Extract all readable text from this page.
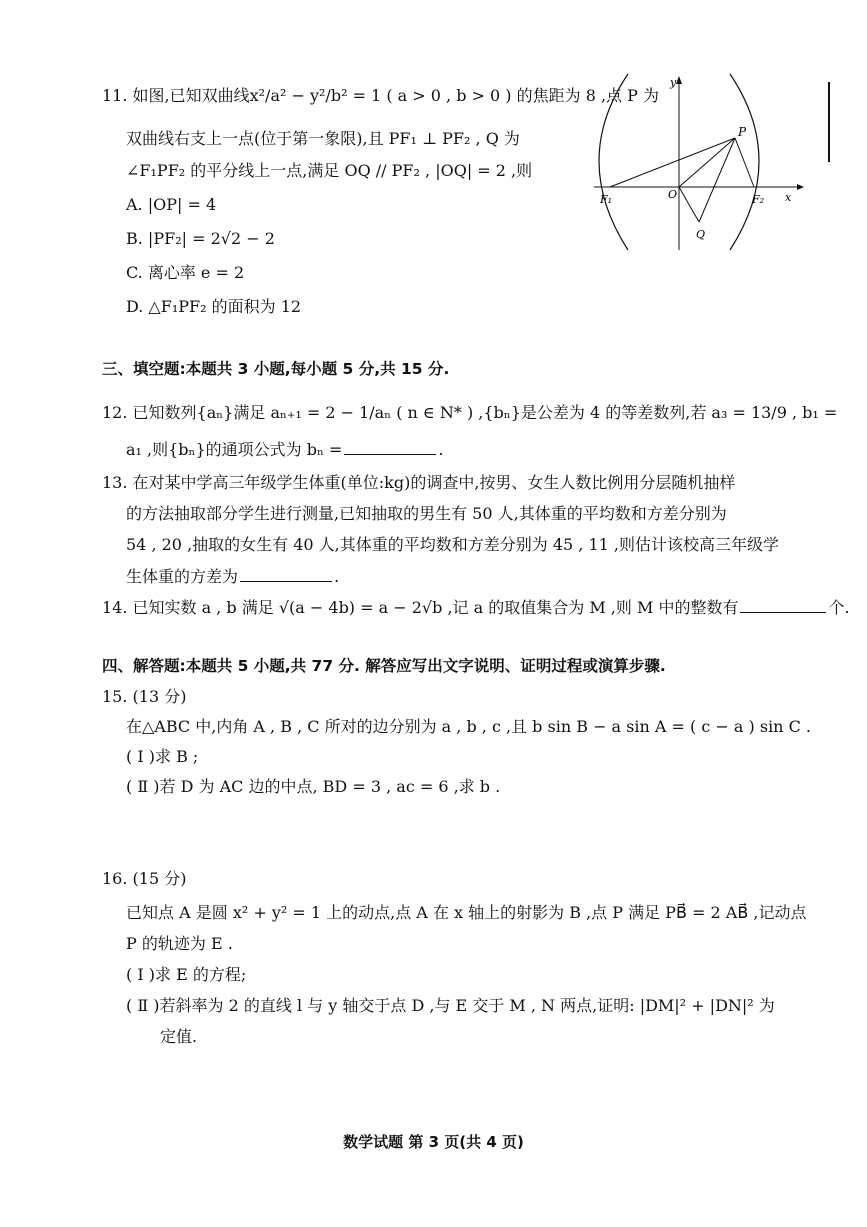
11. 如图,已知双曲线x²/a² − y²/b² = 1 ( a > 0 , b > 0 ) 的焦距为 8 ,点 P 为
双曲线右支上一点(位于第一象限),且 PF₁ ⊥ PF₂ , Q 为
∠F₁PF₂ 的平分线上一点,满足 OQ // PF₂ , |OQ| = 2 ,则
A. |OP| = 4
B. |PF₂| = 2√2 − 2
C. 离心率 e = 2
D. △F₁PF₂ 的面积为 12
y
x
P
O
F₁	F₂
Q
三、填空题:本题共 3 小题,每小题 5 分,共 15 分.
12. 已知数列{aₙ}满足 aₙ₊₁ = 2 − 1/aₙ ( n ∈ N* ) ,{bₙ}是公差为 4 的等差数列,若 a₃ = 13/9 , b₁ =
a₁ ,则{bₙ}的通项公式为 bₙ =	.
13. 在对某中学高三年级学生体重(单位:kg)的调查中,按男、女生人数比例用分层随机抽样
的方法抽取部分学生进行测量,已知抽取的男生有 50 人,其体重的平均数和方差分别为
54 , 20 ,抽取的女生有 40 人,其体重的平均数和方差分别为 45 , 11 ,则估计该校高三年级学
生体重的方差为	.
14. 已知实数 a , b 满足 √(a − 4b) = a − 2√b ,记 a 的取值集合为 M ,则 M 中的整数有	个.
四、解答题:本题共 5 小题,共 77 分. 解答应写出文字说明、证明过程或演算步骤.
15. (13 分)
在△ABC 中,内角 A , B , C 所对的边分别为 a , b , c ,且 b sin B − a sin A = ( c − a ) sin C .
( Ⅰ )求 B ;
( Ⅱ )若 D 为 AC 边的中点, BD = 3 , ac = 6 ,求 b .
16. (15 分)
已知点 A 是圆 x² + y² = 1 上的动点,点 A 在 x 轴上的射影为 B ,点 P 满足 PB⃗ = 2 AB⃗ ,记动点
P 的轨迹为 E .
( Ⅰ )求 E 的方程;
( Ⅱ )若斜率为 2 的直线 l 与 y 轴交于点 D ,与 E 交于 M , N 两点,证明: |DM|² + |DN|² 为
定值.
数学试题 第 3 页(共 4 页)
